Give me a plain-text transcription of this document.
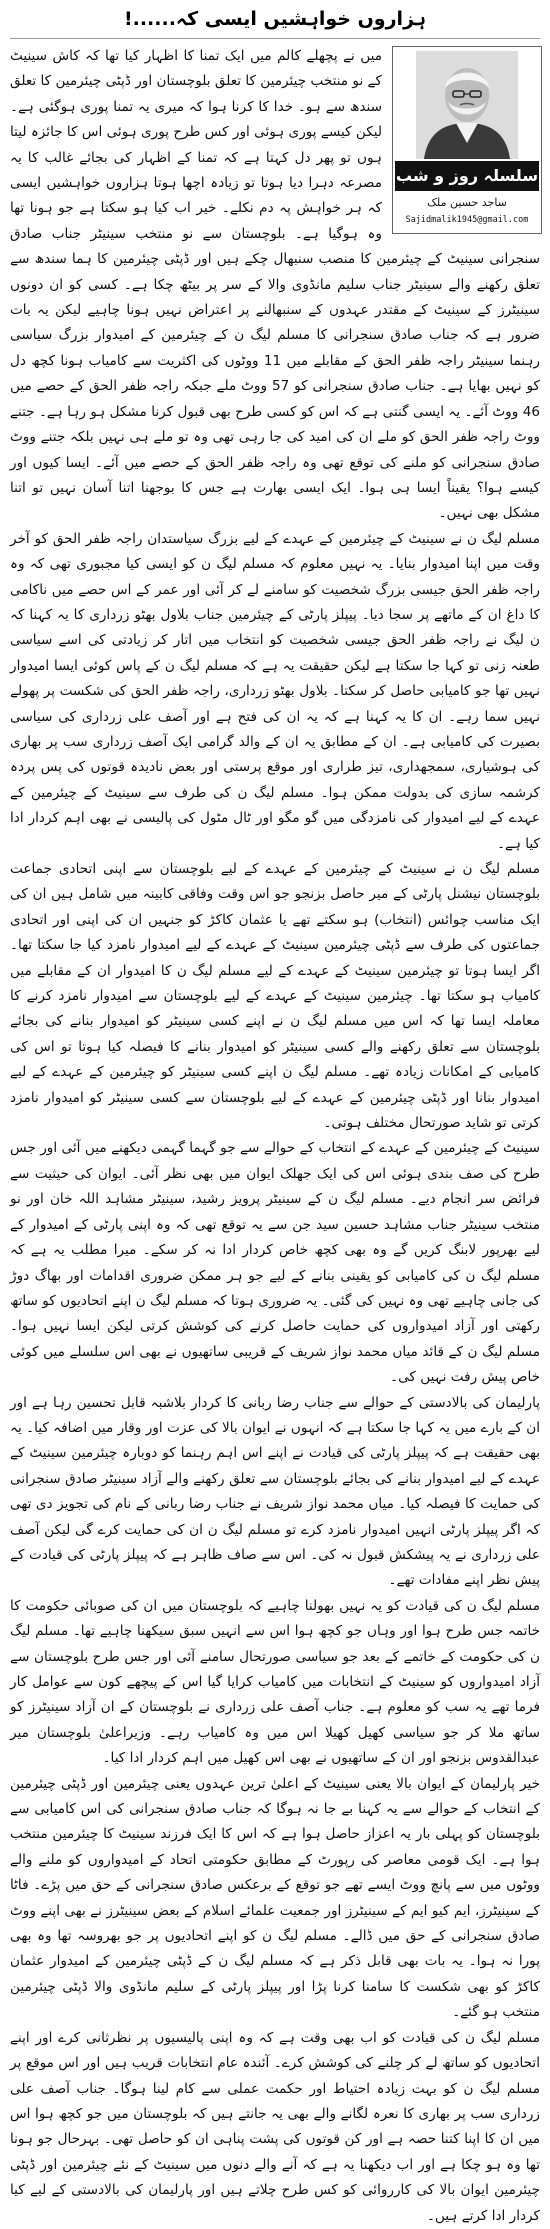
ہزاروں خواہشیں ایسی کہ......!
سلسلہ روز و شب
ساجد حسین ملک
Sajidmalik1945@gmail.com

میں نے پچھلے کالم میں ایک تمنا کا اظہار کیا تھا کہ کاش سینیٹ کے نو منتخب چیئرمین کا تعلق بلوچستان اور ڈپٹی چیئرمین کا تعلق سندھ سے ہو۔ خدا کا کرنا ہوا کہ میری یہ تمنا پوری ہوگئی ہے۔ لیکن کیسے پوری ہوئی اور کس طرح پوری ہوئی اس کا جائزہ لیتا ہوں تو پھر دل کہتا ہے کہ تمنا کے اظہار کی بجائے غالب کا یہ مصرعہ دہرا دیا ہوتا تو زیادہ اچھا ہوتا ہزاروں خواہشیں ایسی کہ ہر خواہش پہ دم نکلے۔ خیر اب کیا ہو سکتا ہے جو ہونا تھا وہ ہوگیا ہے۔ بلوچستان سے نو منتخب سینیٹر جناب صادق سنجرانی سینیٹ کے چیئرمین کا منصب سنبھال چکے ہیں اور ڈپٹی چیئرمین کا ہما سندھ سے تعلق رکھنے والے سینیٹر جناب سلیم مانڈوی والا کے سر پر بیٹھ چکا ہے۔ کسی کو ان دونوں سینیٹرز کے سینیٹ کے مقتدر عہدوں کے سنبھالنے پر اعتراض نہیں ہونا چاہیے لیکن یہ بات ضرور ہے کہ جناب صادق سنجرانی کا مسلم لیگ ن کے چیئرمین کے امیدوار بزرگ سیاسی رہنما سینیٹر راجہ ظفر الحق کے مقابلے میں 11 ووٹوں کی اکثریت سے کامیاب ہونا کچھ دل کو نہیں بھایا ہے۔ جناب صادق سنجرانی کو 57 ووٹ ملے جبکہ راجہ ظفر الحق کے حصے میں 46 ووٹ آئے۔ یہ ایسی گنتی ہے کہ اس کو کسی طرح بھی قبول کرنا مشکل ہو رہا ہے۔ جتنے ووٹ راجہ ظفر الحق کو ملے ان کی امید کی جا رہی تھی وہ تو ملے ہی نہیں بلکہ جتنے ووٹ صادق سنجرانی کو ملنے کی توقع تھی وہ راجہ ظفر الحق کے حصے میں آئے۔ ایسا کیوں اور کیسے ہوا؟ یقیناً ایسا ہی ہوا۔ ایک ایسی بھارت ہے جس کا بوجھنا اتنا آسان نہیں تو اتنا مشکل بھی نہیں۔

مسلم لیگ ن نے سینیٹ کے چیئرمین کے عہدے کے لیے بزرگ سیاستدان راجہ ظفر الحق کو آخر وقت میں اپنا امیدوار بنایا۔ یہ نہیں معلوم کہ مسلم لیگ ن کو ایسی کیا مجبوری تھی کہ وہ راجہ ظفر الحق جیسی بزرگ شخصیت کو سامنے لے کر آئی اور عمر کے اس حصے میں ناکامی کا داغ ان کے ماتھے پر سجا دیا۔ پیپلز پارٹی کے چیئرمین جناب بلاول بھٹو زرداری کا یہ کہنا کہ ن لیگ نے راجہ ظفر الحق جیسی شخصیت کو انتخاب میں اتار کر زیادتی کی اسے سیاسی طعنہ زنی تو کہا جا سکتا ہے لیکن حقیقت یہ ہے کہ مسلم لیگ ن کے پاس کوئی ایسا امیدوار نہیں تھا جو کامیابی حاصل کر سکتا۔ بلاول بھٹو زرداری، راجہ ظفر الحق کی شکست پر پھولے نہیں سما رہے۔ ان کا یہ کہنا ہے کہ یہ ان کی فتح ہے اور آصف علی زرداری کی سیاسی بصیرت کی کامیابی ہے۔ ان کے مطابق یہ ان کے والد گرامی ایک آصف زرداری سب پر بھاری کی ہوشیاری، سمجھداری، تیز طراری اور موقع پرستی اور بعض نادیدہ قوتوں کی پس پردہ کرشمہ سازی کی بدولت ممکن ہوا۔ مسلم لیگ ن کی طرف سے سینیٹ کے چیئرمین کے عہدے کے لیے امیدوار کی نامزدگی میں گو مگو اور ٹال مٹول کی پالیسی نے بھی اہم کردار ادا کیا ہے۔

مسلم لیگ ن نے سینیٹ کے چیئرمین کے عہدے کے لیے بلوچستان سے اپنی اتحادی جماعت بلوچستان نیشنل پارٹی کے میر حاصل بزنجو جو اس وقت وفاقی کابینہ میں شامل ہیں ان کی ایک مناسب چوائس (انتخاب) ہو سکتے تھے یا عثمان کاکڑ کو جنہیں ان کی اپنی اور اتحادی جماعتوں کی طرف سے ڈپٹی چیئرمین سینیٹ کے عہدے کے لیے امیدوار نامزد کیا جا سکتا تھا۔ اگر ایسا ہوتا تو چیئرمین سینیٹ کے عہدے کے لیے مسلم لیگ ن کا امیدوار ان کے مقابلے میں کامیاب ہو سکتا تھا۔ چیئرمین سینیٹ کے عہدے کے لیے بلوچستان سے امیدوار نامزد کرنے کا معاملہ ایسا تھا کہ اس میں مسلم لیگ ن نے اپنے کسی سینیٹر کو امیدوار بنانے کی بجائے بلوچستان سے تعلق رکھنے والے کسی سینیٹر کو امیدوار بنانے کا فیصلہ کیا ہوتا تو اس کی کامیابی کے امکانات زیادہ تھے۔ مسلم لیگ ن اپنے کسی سینیٹر کو چیئرمین کے عہدے کے لیے امیدوار بنانا اور ڈپٹی چیئرمین کے عہدے کے لیے بلوچستان سے کسی سینیٹر کو امیدوار نامزد کرتی تو شاید صورتحال مختلف ہوتی۔

سینیٹ کے چیئرمین کے عہدے کے انتخاب کے حوالے سے جو گہما گہمی دیکھنے میں آئی اور جس طرح کی صف بندی ہوئی اس کی ایک جھلک ایوان میں بھی نظر آئی۔ ایوان کی حیثیت سے فرائض سر انجام دیے۔ مسلم لیگ ن کے سینیٹر پرویز رشید، سینیٹر مشاہد اللہ خان اور نو منتخب سینیٹر جناب مشاہد حسین سید جن سے یہ توقع تھی کہ وہ اپنی پارٹی کے امیدوار کے لیے بھرپور لابنگ کریں گے وہ بھی کچھ خاص کردار ادا نہ کر سکے۔ میرا مطلب یہ ہے کہ مسلم لیگ ن کی کامیابی کو یقینی بنانے کے لیے جو ہر ممکن ضروری اقدامات اور بھاگ دوڑ کی جانی چاہیے تھی وہ نہیں کی گئی۔ یہ ضروری ہوتا کہ مسلم لیگ ن اپنے اتحادیوں کو ساتھ رکھتی اور آزاد امیدواروں کی حمایت حاصل کرنے کی کوشش کرتی لیکن ایسا نہیں ہوا۔ مسلم لیگ ن کے قائد میاں محمد نواز شریف کے قریبی ساتھیوں نے بھی اس سلسلے میں کوئی خاص پیش رفت نہیں کی۔

پارلیمان کی بالادستی کے حوالے سے جناب رضا ربانی کا کردار بلاشبہ قابل تحسین رہا ہے اور ان کے بارے میں یہ کہا جا سکتا ہے کہ انہوں نے ایوان بالا کی عزت اور وقار میں اضافہ کیا۔ یہ بھی حقیقت ہے کہ پیپلز پارٹی کی قیادت نے اپنے اس اہم رہنما کو دوبارہ چیئرمین سینیٹ کے عہدے کے لیے امیدوار بنانے کی بجائے بلوچستان سے تعلق رکھنے والے آزاد سینیٹر صادق سنجرانی کی حمایت کا فیصلہ کیا۔ میاں محمد نواز شریف نے جناب رضا ربانی کے نام کی تجویز دی تھی کہ اگر پیپلز پارٹی انہیں امیدوار نامزد کرے تو مسلم لیگ ن ان کی حمایت کرے گی لیکن آصف علی زرداری نے یہ پیشکش قبول نہ کی۔ اس سے صاف ظاہر ہے کہ پیپلز پارٹی کی قیادت کے پیش نظر اپنے مفادات تھے۔

مسلم لیگ ن کی قیادت کو یہ نہیں بھولنا چاہیے کہ بلوچستان میں ان کی صوبائی حکومت کا خاتمہ جس طرح ہوا اور وہاں جو کچھ ہوا اس سے انہیں سبق سیکھنا چاہیے تھا۔ مسلم لیگ ن کی حکومت کے خاتمے کے بعد جو سیاسی صورتحال سامنے آئی اور جس طرح بلوچستان سے آزاد امیدواروں کو سینیٹ کے انتخابات میں کامیاب کرایا گیا اس کے پیچھے کون سے عوامل کار فرما تھے یہ سب کو معلوم ہے۔ جناب آصف علی زرداری نے بلوچستان کے ان آزاد سینیٹرز کو ساتھ ملا کر جو سیاسی کھیل کھیلا اس میں وہ کامیاب رہے۔ وزیراعلیٰ بلوچستان میر عبدالقدوس بزنجو اور ان کے ساتھیوں نے بھی اس کھیل میں اہم کردار ادا کیا۔

خیر پارلیمان کے ایوان بالا یعنی سینیٹ کے اعلیٰ ترین عہدوں یعنی چیئرمین اور ڈپٹی چیئرمین کے انتخاب کے حوالے سے یہ کہنا بے جا نہ ہوگا کہ جناب صادق سنجرانی کی اس کامیابی سے بلوچستان کو پہلی بار یہ اعزاز حاصل ہوا ہے کہ اس کا ایک فرزند سینیٹ کا چیئرمین منتخب ہوا ہے۔ ایک قومی معاصر کی رپورٹ کے مطابق حکومتی اتحاد کے امیدواروں کو ملنے والے ووٹوں میں سے پانچ ووٹ ایسے تھے جو توقع کے برعکس صادق سنجرانی کے حق میں پڑے۔ فاٹا کے سینیٹرز، ایم کیو ایم کے سینیٹرز اور جمعیت علمائے اسلام کے بعض سینیٹرز نے بھی اپنے ووٹ صادق سنجرانی کے حق میں ڈالے۔ مسلم لیگ ن کو اپنے اتحادیوں پر جو بھروسہ تھا وہ بھی پورا نہ ہوا۔ یہ بات بھی قابل ذکر ہے کہ مسلم لیگ ن کے ڈپٹی چیئرمین کے امیدوار عثمان کاکڑ کو بھی شکست کا سامنا کرنا پڑا اور پیپلز پارٹی کے سلیم مانڈوی والا ڈپٹی چیئرمین منتخب ہو گئے۔

مسلم لیگ ن کی قیادت کو اب بھی وقت ہے کہ وہ اپنی پالیسیوں پر نظرثانی کرے اور اپنے اتحادیوں کو ساتھ لے کر چلنے کی کوشش کرے۔ آئندہ عام انتخابات قریب ہیں اور اس موقع پر مسلم لیگ ن کو بہت زیادہ احتیاط اور حکمت عملی سے کام لینا ہوگا۔ جناب آصف علی زرداری سب پر بھاری کا نعرہ لگانے والے بھی یہ جانتے ہیں کہ بلوچستان میں جو کچھ ہوا اس میں ان کا اپنا کتنا حصہ ہے اور کن قوتوں کی پشت پناہی ان کو حاصل تھی۔ بہرحال جو ہونا تھا وہ ہو چکا ہے اور اب دیکھنا یہ ہے کہ آنے والے دنوں میں سینیٹ کے نئے چیئرمین اور ڈپٹی چیئرمین ایوان بالا کی کارروائی کو کس طرح چلاتے ہیں اور پارلیمان کی بالادستی کے لیے کیا کردار ادا کرتے ہیں۔
